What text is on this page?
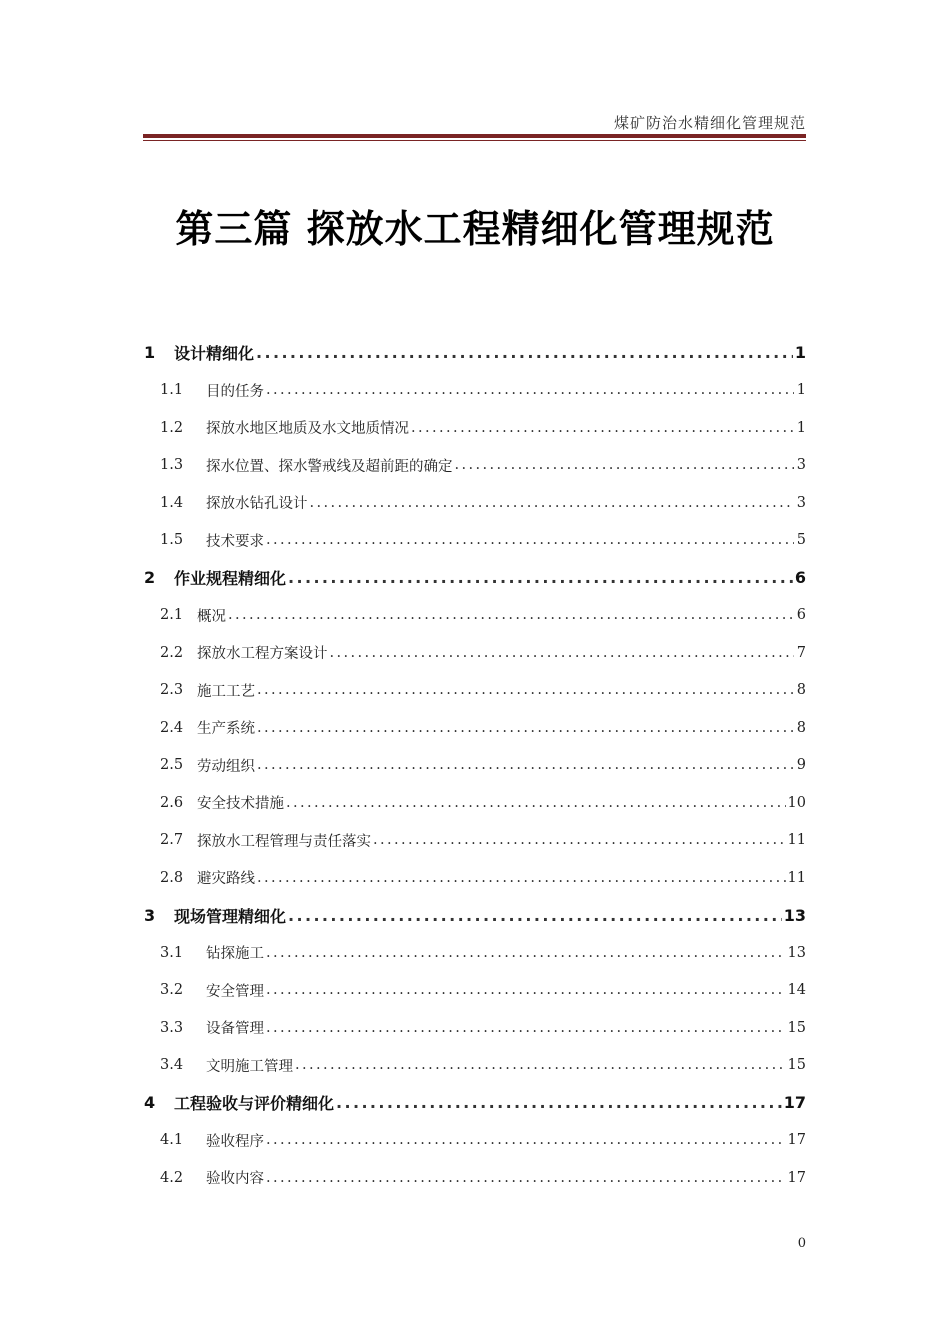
煤矿防治水精细化管理规范
第三篇 探放水工程精细化管理规范
1	设计精细化 .....	1
1.1	目的任务 .....	1
1.2	探放水地区地质及水文地质情况 .....	1
1.3	探水位置、探水警戒线及超前距的确定 .....	3
1.4	探放水钻孔设计 .....	3
1.5	技术要求 .....	5
2	作业规程精细化 .....	6
2.1 概况 .....	6
2.2 探放水工程方案设计 .....	7
2.3 施工工艺 .....	8
2.4 生产系统 .....	8
2.5 劳动组织 .....	9
2.6 安全技术措施 .....	10
2.7 探放水工程管理与责任落实 .....	11
2.8 避灾路线 .....	11
3	现场管理精细化 .....	13
3.1	钻探施工 .....	13
3.2	安全管理 .....	14
3.3	设备管理 .....	15
3.4	文明施工管理 .....	15
4	工程验收与评价精细化 .....	17
4.1	验收程序 .....	17
4.2	验收内容 .....	17
0
